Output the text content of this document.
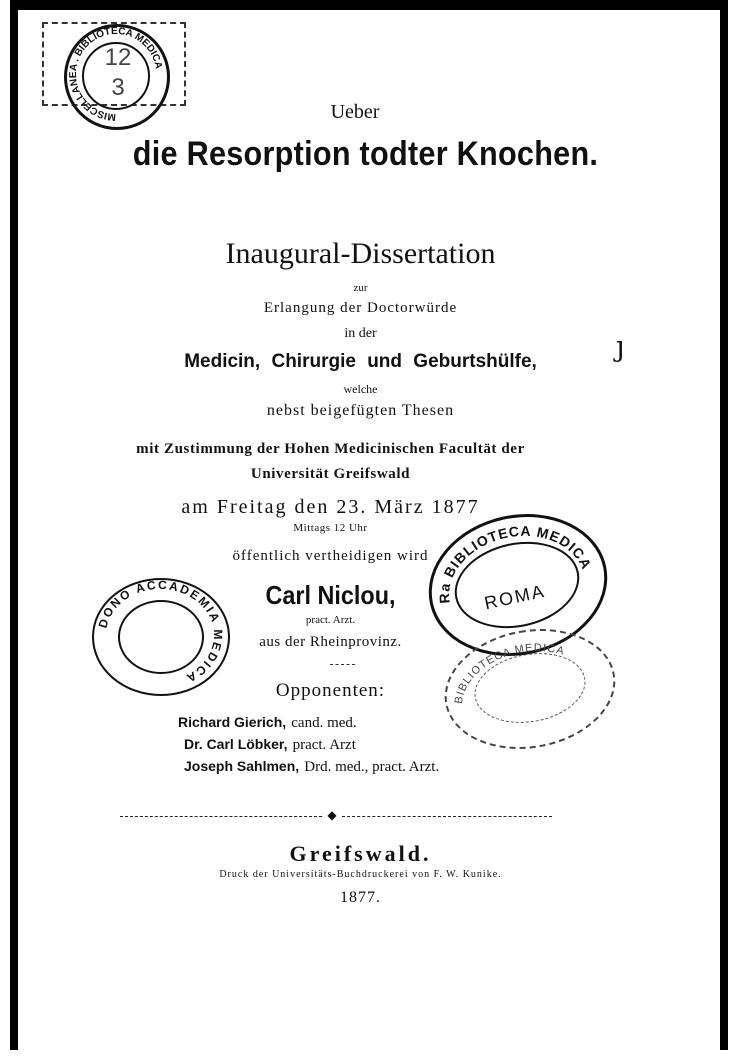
MISCELLANEA . BIBLIOTECA MEDICA
12
3
Ueber
die Resorption todter Knochen.
Inaugural-Dissertation
zur
Erlangung der Doctorwürde
in der
Medicin, Chirurgie und Geburtshülfe,
welche
nebst beigefügten Thesen
mit Zustimmung der Hohen Medicinischen Facultät der
Universität Greifswald
am Freitag den 23. März 1877
Mittags 12 Uhr
öffentlich vertheidigen wird
Carl Niclou,
pract. Arzt.
aus der Rheinprovinz.
Opponenten:
Richard Gierich, cand. med.
Dr. Carl Löbker, pract. Arzt
Joseph Sahlmen, Drd. med., pract. Arzt.
◆
Greifswald.
Druck der Universitäts-Buchdruckerei von F. W. Kunike.
1877.
ȷ
DONO ACCADEMIA MEDICA
Ra BIBLIOTECA MEDICA
ROMA
BIBLIOTECA MEDICA
